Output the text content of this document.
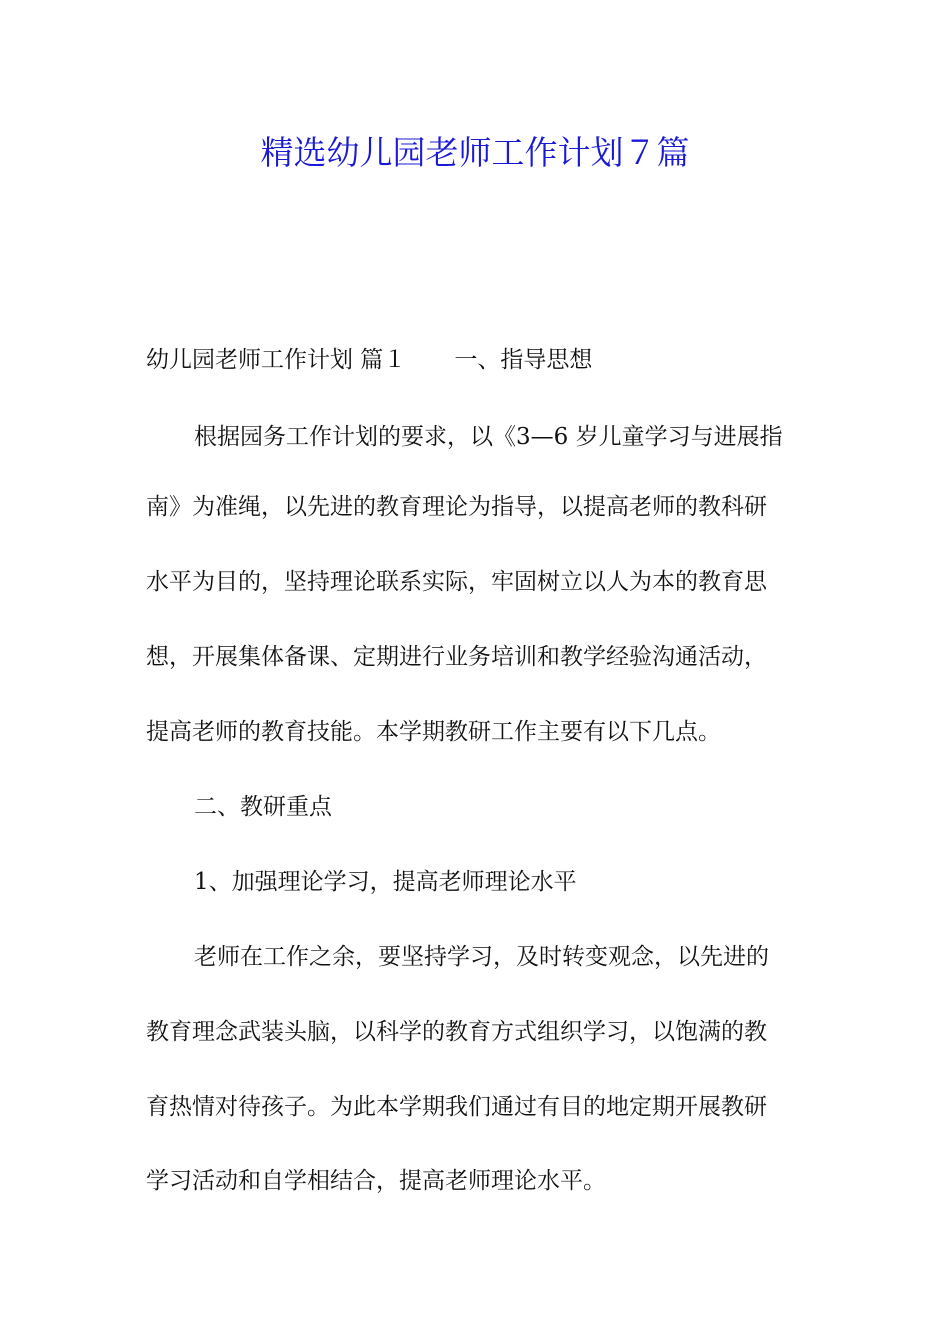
精选幼儿园老师工作计划７篇

幼儿园老师工作计划 篇１ 一、指导思想

根据园务工作计划的要求，以《3—6 岁儿童学习与进展指

南》为准绳，以先进的教育理论为指导，以提高老师的教科研

水平为目的，坚持理论联系实际，牢固树立以人为本的教育思

想，开展集体备课、定期进行业务培训和教学经验沟通活动，

提高老师的教育技能。本学期教研工作主要有以下几点。

二、教研重点

1、加强理论学习，提高老师理论水平

老师在工作之余，要坚持学习，及时转变观念，以先进的

教育理念武装头脑，以科学的教育方式组织学习，以饱满的教

育热情对待孩子。为此本学期我们通过有目的地定期开展教研

学习活动和自学相结合，提高老师理论水平。
